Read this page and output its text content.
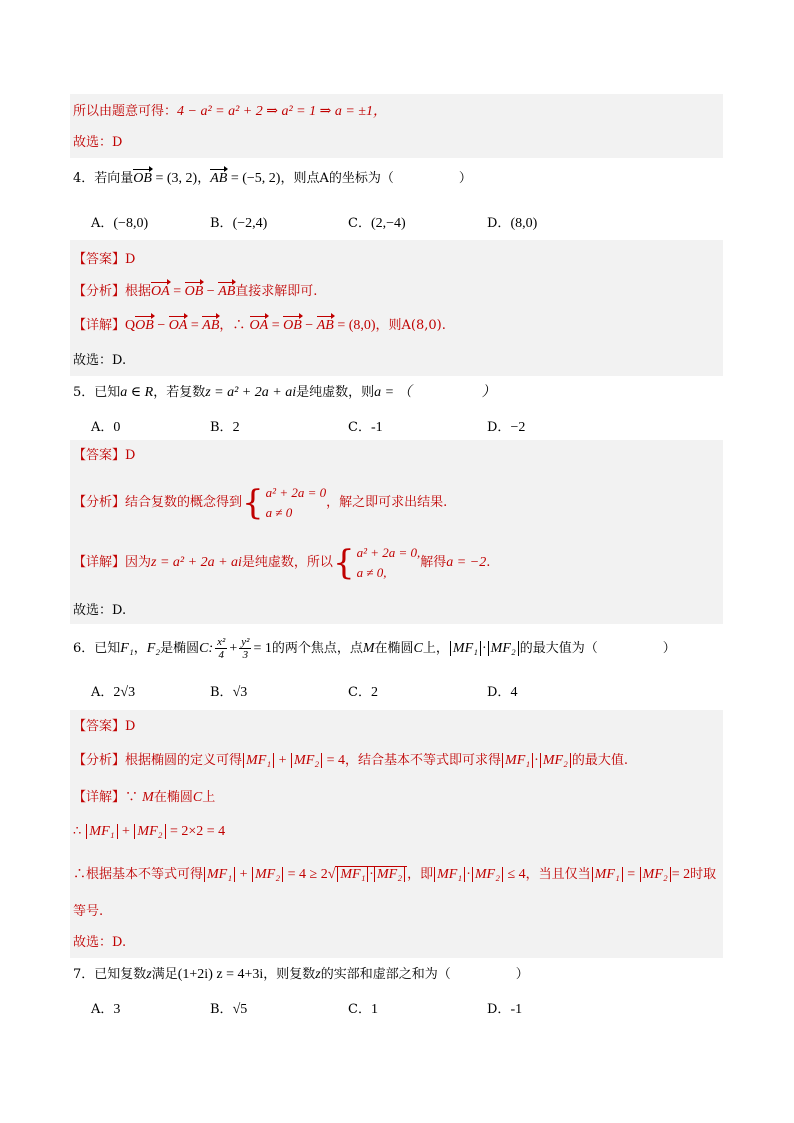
所以由题意可得：4 − a² = a² + 2 ⇒ a² = 1 ⇒ a = ±1，
故选：D
4．若向量OB = (3, 2)，AB = (−5, 2)，则点A的坐标为（　　　　　）
A．(−8,0)	B．(−2,4)	C．(2,−4)	D．(8,0)
【答案】D
【分析】根据OA = OB − AB直接求解即可.
【详解】QOB − OA = AB，∴ OA = OB − AB = (8,0)，则A(8,0).
故选：D.
5．已知a ∈ R，若复数z = a² + 2a + ai是纯虚数，则a = （　　　　　）
A．0	B．2	C．-1	D．−2
【答案】D
【分析】结合复数的概念得到 { a² + 2a = 0
a ≠ 0
，解之即可求出结果.
【详解】因为z = a² + 2a + ai是纯虚数，所以 { a² + 2a = 0,
a ≠ 0,
解得a = −2.
故选：D.
6．已知F₁，F₂是椭圆C: $\frac{\text{x²}}{4} + \frac{\text{y²}}{3} = 1$的两个焦点，点M在椭圆C上， MF₁ · MF₂ 的最大值为（　　　　　）
A．2√3	B．√3	C．2	D．4
【答案】D
【分析】根据椭圆的定义可得 MF₁ + MF₂ = 4，结合基本不等式即可求得 MF₁ · MF₂ 的最大值.
【详解】∵ M在椭圆C上
∴ MF₁ + MF₂ = 2×2 = 4
∴根据基本不等式可得 MF₁ + MF₂ = 4 ≥ 2√ MF₁ · MF₂ ，即 MF₁ · MF₂ ≤ 4，当且仅当 MF₁ = MF₂ = 2时取
等号.
故选：D.
7．已知复数z满足(1+2i) z = 4+3i，则复数z的实部和虚部之和为（　　　　　）
A．3	B．√5	C．1	D．-1
